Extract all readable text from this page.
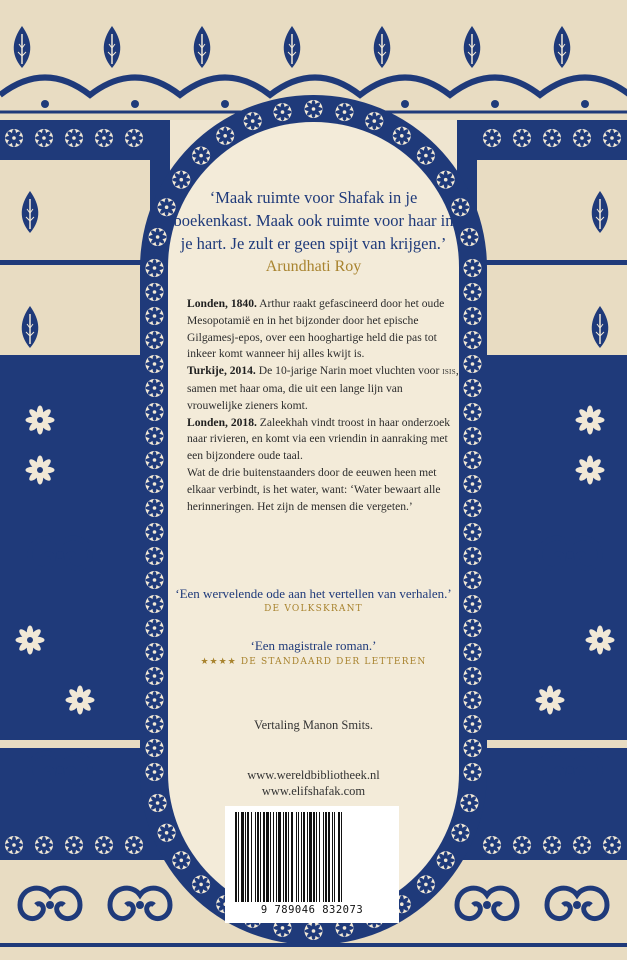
‘Maak ruimte voor Shafak in je
boekenkast. Maak ook ruimte voor haar in
je hart. Je zult er geen spijt van krijgen.’
Arundhati Roy

Londen, 1840. Arthur raakt gefascineerd door het oude Mesopotamië en in het bijzonder door het epische Gilgamesj-epos, over een hooghartige held die pas tot inkeer komt wanneer hij alles kwijt is.

Turkije, 2014. De 10-jarige Narin moet vluchten voor isis, samen met haar oma, die uit een lange lijn van vrouwelijke zieners komt.

Londen, 2018. Zaleekhah vindt troost in haar onderzoek naar rivieren, en komt via een vriendin in aanraking met een bijzondere oude taal.

Wat de drie buitenstaanders door de eeuwen heen met elkaar verbindt, is het water, want: ‘Water bewaart alle herinneringen. Het zijn de mensen die vergeten.’

‘Een wervelende ode aan het vertellen van verhalen.’
DE VOLKSKRANT
‘Een magistrale roman.’
★★★★ DE STANDAARD DER LETTEREN
Vertaling Manon Smits.
www.wereldbibliotheek.nl
www.elifshafak.com
9 789046 832073
